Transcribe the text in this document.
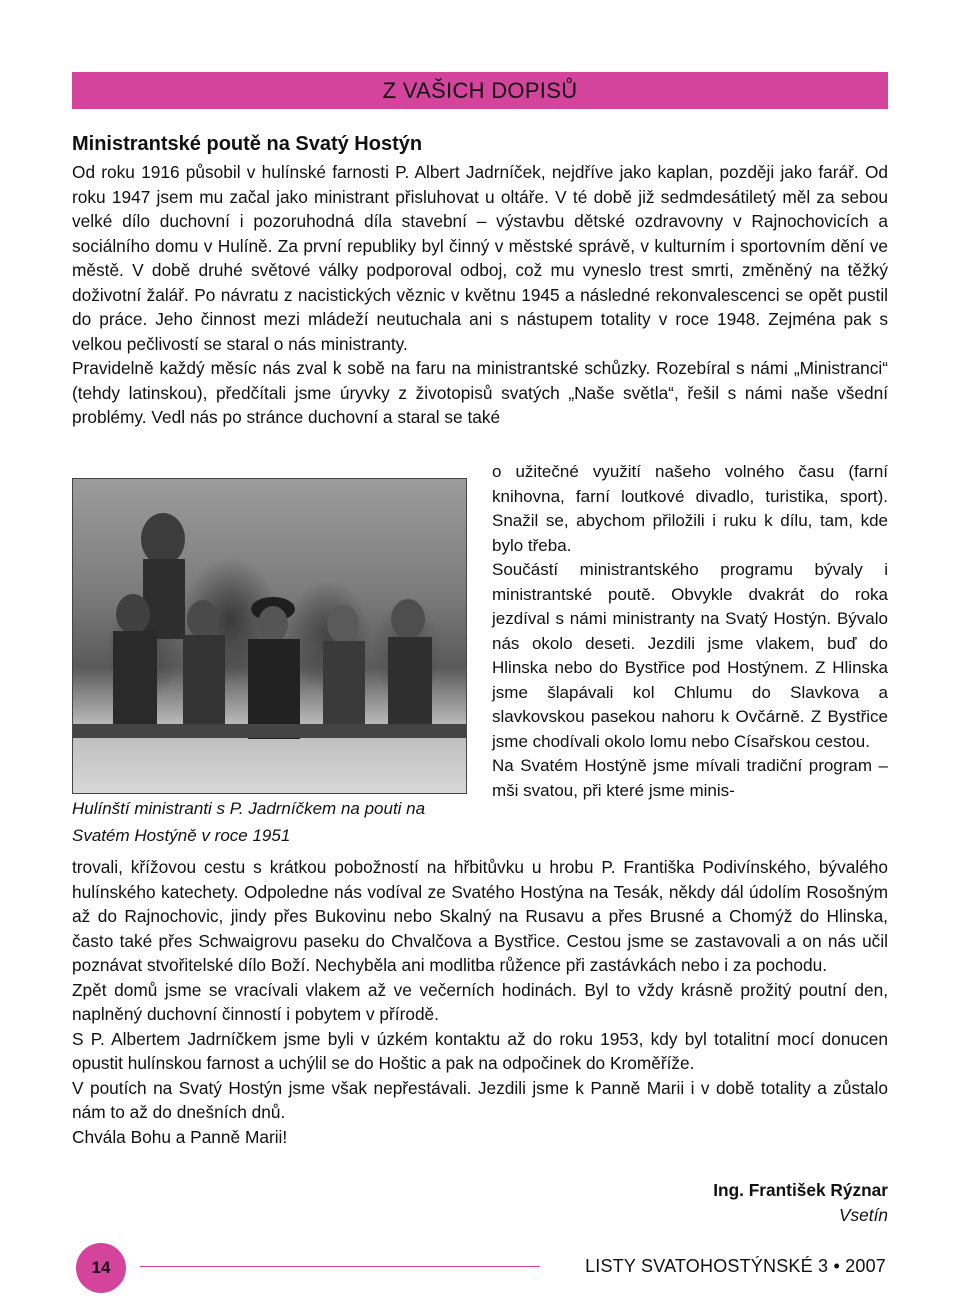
Z VAŠICH DOPISŮ
Ministrantské poutě na Svatý Hostýn

Od roku 1916 působil v hulínské farnosti P. Albert Jadrníček, nejdříve jako kaplan, později jako farář. Od roku 1947 jsem mu začal jako ministrant přisluhovat u oltáře. V té době již sedmdesátiletý měl za sebou velké dílo duchovní i pozoruhodná díla stavební – výstavbu dětské ozdravovny v Rajnochovicích a sociálního domu v Hulíně. Za první republiky byl činný v městské správě, v kulturním i sportovním dění ve městě. V době druhé světové války podporoval odboj, což mu vyneslo trest smrti, změněný na těžký doživotní žalář. Po návratu z nacistických věznic v květnu 1945 a následné rekonvalescenci se opět pustil do práce. Jeho činnost mezi mládeží neutuchala ani s nástupem totality v roce 1948. Zejména pak s velkou pečlivostí se staral o nás ministranty.

Pravidelně každý měsíc nás zval k sobě na faru na ministrantské schůzky. Rozebíral s námi „Ministranci“ (tehdy latinskou), předčítali jsme úryvky z životopisů svatých „Naše světla“, řešil s námi naše všední problémy. Vedl nás po stránce duchovní a staral se také

Hulínští ministranti s P. Jadrníčkem na pouti na Svatém Hostýně v roce 1951

o užitečné využití našeho volného času (farní knihovna, farní loutkové divadlo, turistika, sport). Snažil se, abychom přiložili i ruku k dílu, tam, kde bylo třeba.

Součástí ministrantského programu bývaly i ministrantské poutě. Obvykle dvakrát do roka jezdíval s námi ministranty na Svatý Hostýn. Bývalo nás okolo deseti. Jezdili jsme vlakem, buď do Hlinska nebo do Bystřice pod Hostýnem. Z Hlinska jsme šlapávali kol Chlumu do Slavkova a slavkovskou pasekou nahoru k Ovčárně. Z Bystřice jsme chodívali okolo lomu nebo Císařskou cestou.

Na Svatém Hostýně jsme mívali tradiční program – mši svatou, při které jsme minis-

trovali, křížovou cestu s krátkou pobožností na hřbitůvku u hrobu P. Františka Podivínského, bývalého hulínského katechety. Odpoledne nás vodíval ze Svatého Hostýna na Tesák, někdy dál údolím Rosošným až do Rajnochovic, jindy přes Bukovinu nebo Skalný na Rusavu a přes Brusné a Chomýž do Hlinska, často také přes Schwaigrovu paseku do Chvalčova a Bystřice. Cestou jsme se zastavovali a on nás učil poznávat stvořitelské dílo Boží. Nechyběla ani modlitba růžence při zastávkách nebo i za pochodu.

Zpět domů jsme se vracívali vlakem až ve večerních hodinách. Byl to vždy krásně prožitý poutní den, naplněný duchovní činností i pobytem v přírodě.

S P. Albertem Jadrníčkem jsme byli v úzkém kontaktu až do roku 1953, kdy byl totalitní mocí donucen opustit hulínskou farnost a uchýlil se do Hoštic a pak na odpočinek do Kroměříže.

V poutích na Svatý Hostýn jsme však nepřestávali. Jezdili jsme k Panně Marii i v době totality a zůstalo nám to až do dnešních dnů.

Chvála Bohu a Panně Marii!

Ing. František Rýznar
Vsetín
14	LISTY SVATOHOSTÝNSKÉ 3 • 2007
